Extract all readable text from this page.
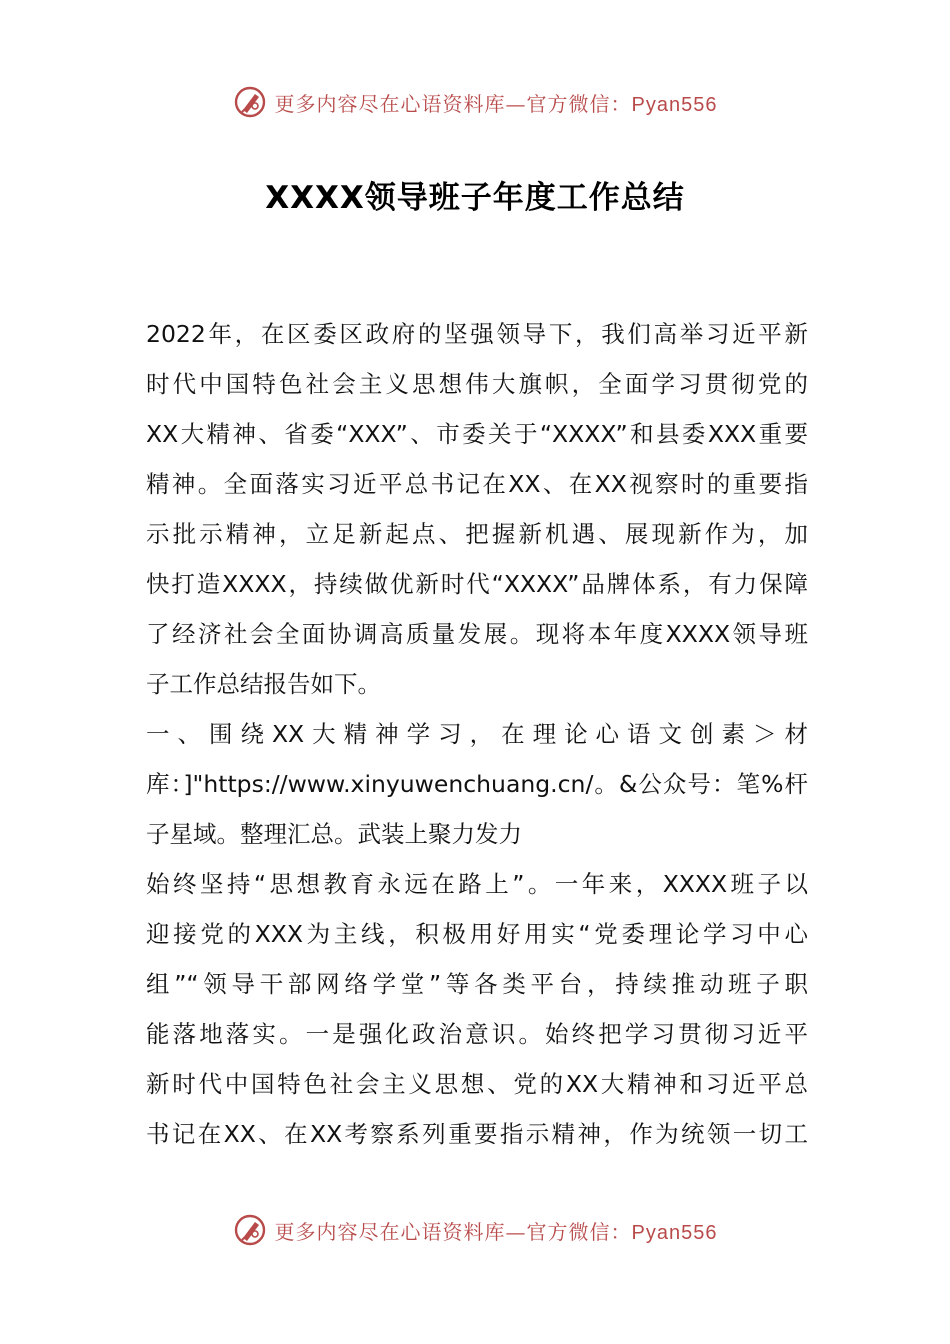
更多内容尽在心语资料库—官方微信：Pyan556
XXXX领导班子年度工作总结
2022年，在区委区政府的坚强领导下，我们高举习近平新
时代中国特色社会主义思想伟大旗帜，全面学习贯彻党的
XX大精神、省委“XXX”、市委关于“XXXX”和县委XXX重要
精神。全面落实习近平总书记在XX、在XX视察时的重要指
示批示精神，立足新起点、把握新机遇、展现新作为，加
快打造XXXX，持续做优新时代“XXXX”品牌体系，有力保障
了经济社会全面协调高质量发展。现将本年度XXXX领导班
子工作总结报告如下。
一、围绕XX大精神学习，在理论心语文创素＞材
库：]"https://www.xinyuwenchuang.cn/。&公众号：笔%杆
子星域。整理汇总。武装上聚力发力
始终坚持“思想教育永远在路上”。一年来，XXXX班子以
迎接党的XXX为主线，积极用好用实“党委理论学习中心
组”“领导干部网络学堂”等各类平台，持续推动班子职
能落地落实。一是强化政治意识。始终把学习贯彻习近平
新时代中国特色社会主义思想、党的XX大精神和习近平总
书记在XX、在XX考察系列重要指示精神，作为统领一切工
更多内容尽在心语资料库—官方微信：Pyan556
